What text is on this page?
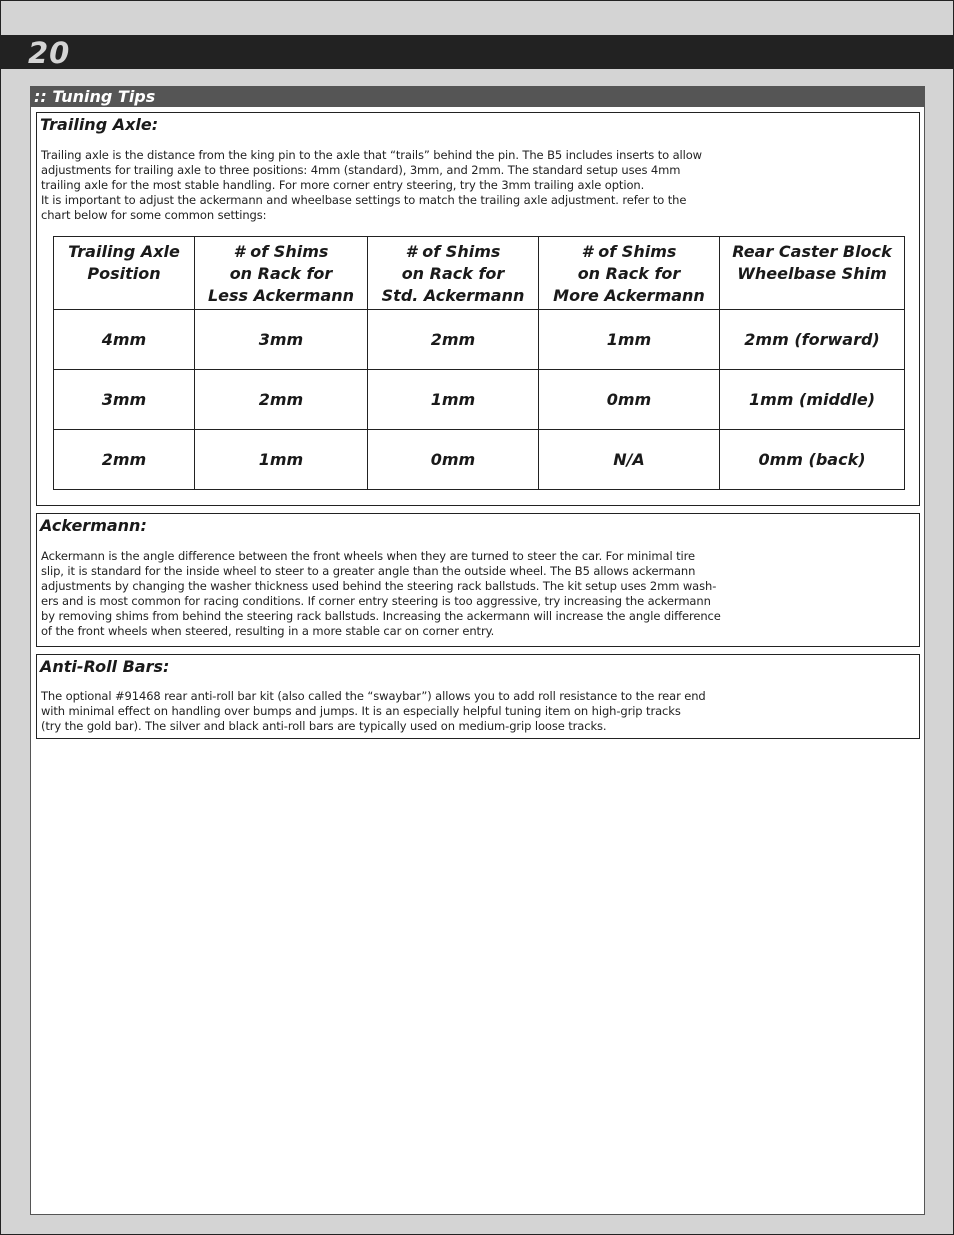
20
:: Tuning Tips
Trailing Axle:
Trailing axle is the distance from the king pin to the axle that “trails” behind the pin. The B5 includes inserts to allow
adjustments for trailing axle to three positions: 4mm (standard), 3mm, and 2mm. The standard setup uses 4mm
trailing axle for the most stable handling. For more corner entry steering, try the 3mm trailing axle option.
It is important to adjust the ackermann and wheelbase settings to match the trailing axle adjustment. refer to the
chart below for some common settings:
Trailing Axle
Position	# of Shims
on Rack for
Less Ackermann	# of Shims
on Rack for
Std. Ackermann	# of Shims
on Rack for
More Ackermann	Rear Caster Block
Wheelbase Shim

4mm	3mm	2mm	1mm	2mm (forward)
3mm	2mm	1mm	0mm	1mm (middle)
2mm	1mm	0mm	N/A	0mm (back)
Ackermann:
Ackermann is the angle difference between the front wheels when they are turned to steer the car. For minimal tire
slip, it is standard for the inside wheel to steer to a greater angle than the outside wheel. The B5 allows ackermann
adjustments by changing the washer thickness used behind the steering rack ballstuds. The kit setup uses 2mm wash-
ers and is most common for racing conditions. If corner entry steering is too aggressive, try increasing the ackermann
by removing shims from behind the steering rack ballstuds. Increasing the ackermann will increase the angle difference
of the front wheels when steered, resulting in a more stable car on corner entry.
Anti-Roll Bars:
The optional #91468 rear anti-roll bar kit (also called the “swaybar”) allows you to add roll resistance to the rear end
with minimal effect on handling over bumps and jumps. It is an especially helpful tuning item on high-grip tracks
(try the gold bar). The silver and black anti-roll bars are typically used on medium-grip loose tracks.
